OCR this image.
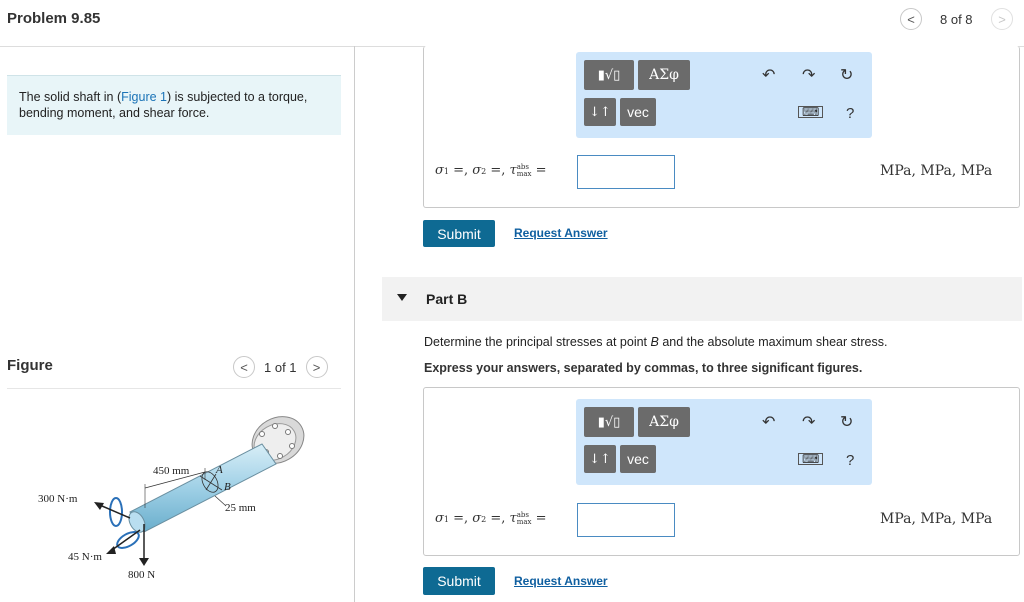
Problem 9.85	< 8 of 8 >
The solid shaft in (Figure 1) is subjected to a torque, bending moment, and shear force.
Figure	< 1 of 1 >
A
B
450 mm
25 mm
300 N·m
45 N·m
800 N
▮√▯	ΑΣφ
↓↑	vec
↶ ↷ ↻
⌨ ?
σ1 =, σ2 =, τabs
max =	MPa, MPa, MPa
Submit	Request Answer
Part B
Determine the principal stresses at point B and the absolute maximum shear stress.
Express your answers, separated by commas, to three significant figures.
▮√▯	ΑΣφ
↓↑	vec
↶ ↷ ↻
⌨ ?
σ1 =, σ2 =, τabs
max =	MPa, MPa, MPa
Submit	Request Answer
